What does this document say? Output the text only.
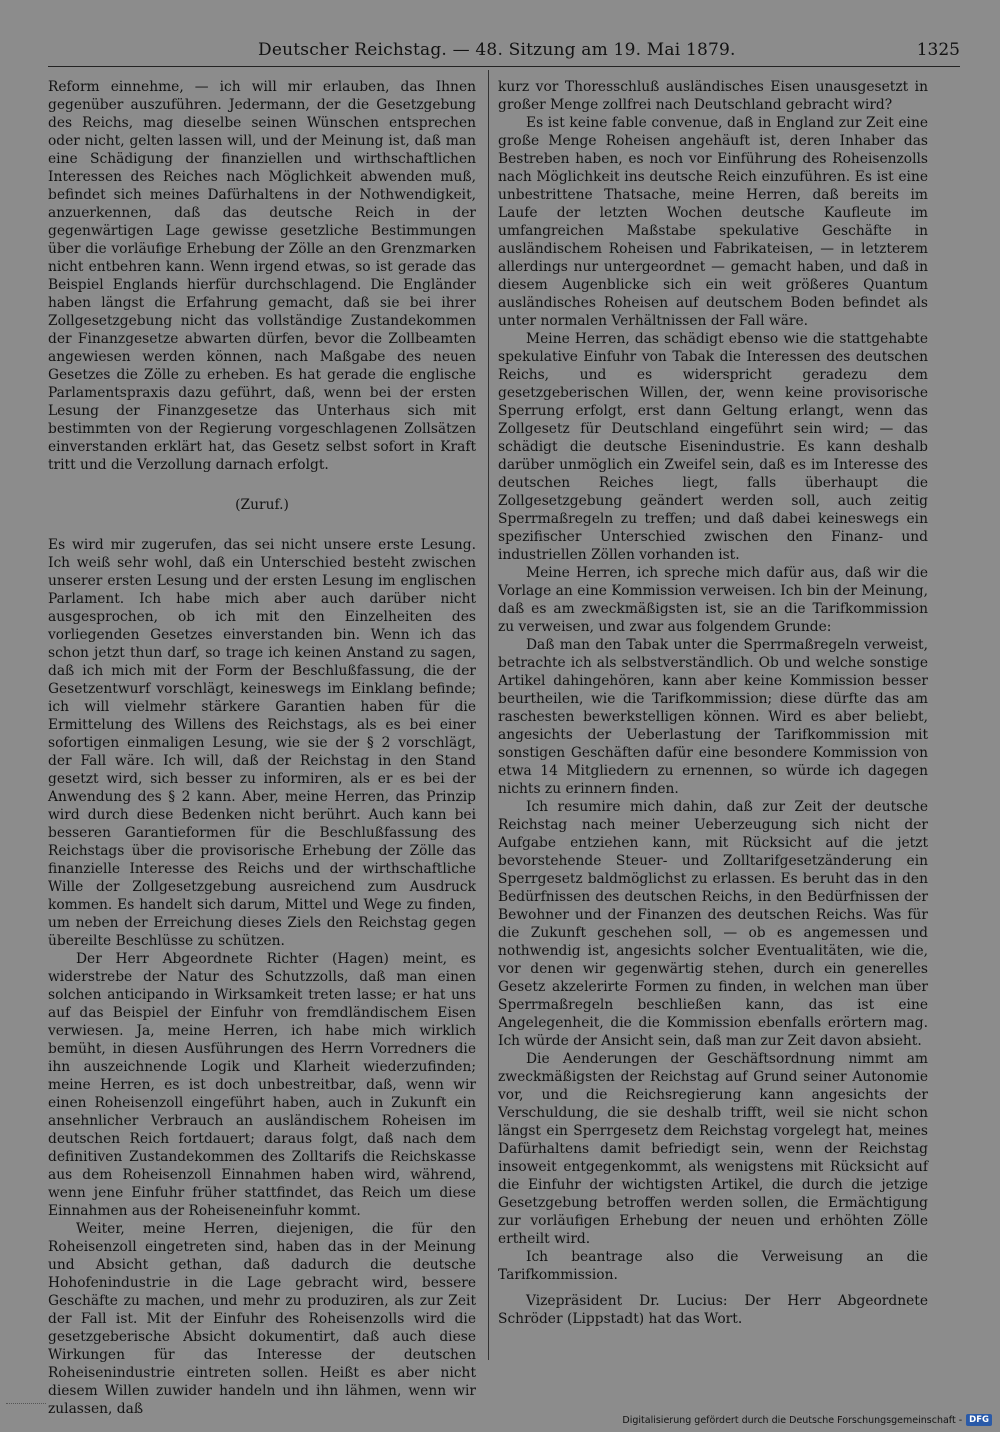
Deutscher Reichstag. — 48. Sitzung am 19. Mai 1879.	1325

Reform einnehme, — ich will mir erlauben, das Ihnen gegenüber auszuführen. Jedermann, der die Gesetzgebung des Reichs, mag dieselbe seinen Wünschen entsprechen oder nicht, gelten lassen will, und der Meinung ist, daß man eine Schädigung der finanziellen und wirthschaftlichen Interessen des Reiches nach Möglichkeit abwenden muß, befindet sich meines Dafürhaltens in der Nothwendigkeit, anzuerkennen, daß das deutsche Reich in der gegenwärtigen Lage gewisse gesetzliche Bestimmungen über die vorläufige Erhebung der Zölle an den Grenzmarken nicht entbehren kann. Wenn irgend etwas, so ist gerade das Beispiel Englands hierfür durchschlagend. Die Engländer haben längst die Erfahrung gemacht, daß sie bei ihrer Zollgesetzgebung nicht das vollständige Zustandekommen der Finanzgesetze abwarten dürfen, bevor die Zollbeamten angewiesen werden können, nach Maßgabe des neuen Gesetzes die Zölle zu erheben. Es hat gerade die englische Parlamentspraxis dazu geführt, daß, wenn bei der ersten Lesung der Finanzgesetze das Unterhaus sich mit bestimmten von der Regierung vorgeschlagenen Zollsätzen einverstanden erklärt hat, das Gesetz selbst sofort in Kraft tritt und die Verzollung darnach erfolgt.

(Zuruf.)

Es wird mir zugerufen, das sei nicht unsere erste Lesung. Ich weiß sehr wohl, daß ein Unterschied besteht zwischen unserer ersten Lesung und der ersten Lesung im englischen Parlament. Ich habe mich aber auch darüber nicht ausgesprochen, ob ich mit den Einzelheiten des vorliegenden Gesetzes einverstanden bin. Wenn ich das schon jetzt thun darf, so trage ich keinen Anstand zu sagen, daß ich mich mit der Form der Beschlußfassung, die der Gesetzentwurf vorschlägt, keineswegs im Einklang befinde; ich will vielmehr stärkere Garantien haben für die Ermittelung des Willens des Reichstags, als es bei einer sofortigen einmaligen Lesung, wie sie der § 2 vorschlägt, der Fall wäre. Ich will, daß der Reichstag in den Stand gesetzt wird, sich besser zu informiren, als er es bei der Anwendung des § 2 kann. Aber, meine Herren, das Prinzip wird durch diese Bedenken nicht berührt. Auch kann bei besseren Garantieformen für die Beschlußfassung des Reichstags über die provisorische Erhebung der Zölle das finanzielle Interesse des Reichs und der wirthschaftliche Wille der Zollgesetzgebung ausreichend zum Ausdruck kommen. Es handelt sich darum, Mittel und Wege zu finden, um neben der Erreichung dieses Ziels den Reichstag gegen übereilte Beschlüsse zu schützen.

Der Herr Abgeordnete Richter (Hagen) meint, es widerstrebe der Natur des Schutzzolls, daß man einen solchen anticipando in Wirksamkeit treten lasse; er hat uns auf das Beispiel der Einfuhr von fremdländischem Eisen verwiesen. Ja, meine Herren, ich habe mich wirklich bemüht, in diesen Ausführungen des Herrn Vorredners die ihn auszeichnende Logik und Klarheit wiederzufinden; meine Herren, es ist doch unbestreitbar, daß, wenn wir einen Roheisenzoll eingeführt haben, auch in Zukunft ein ansehnlicher Verbrauch an ausländischem Roheisen im deutschen Reich fortdauert; daraus folgt, daß nach dem definitiven Zustandekommen des Zolltarifs die Reichskasse aus dem Roheisenzoll Einnahmen haben wird, während, wenn jene Einfuhr früher stattfindet, das Reich um diese Einnahmen aus der Roheiseneinfuhr kommt.

Weiter, meine Herren, diejenigen, die für den Roheisenzoll eingetreten sind, haben das in der Meinung und Absicht gethan, daß dadurch die deutsche Hohofenindustrie in die Lage gebracht wird, bessere Geschäfte zu machen, und mehr zu produziren, als zur Zeit der Fall ist. Mit der Einfuhr des Roheisenzolls wird die gesetzgeberische Absicht dokumentirt, daß auch diese Wirkungen für das Interesse der deutschen Roheisenindustrie eintreten sollen. Heißt es aber nicht diesem Willen zuwider handeln und ihn lähmen, wenn wir zulassen, daß

kurz vor Thoresschluß ausländisches Eisen unausgesetzt in großer Menge zollfrei nach Deutschland gebracht wird?

Es ist keine fable convenue, daß in England zur Zeit eine große Menge Roheisen angehäuft ist, deren Inhaber das Bestreben haben, es noch vor Einführung des Roheisenzolls nach Möglichkeit ins deutsche Reich einzuführen. Es ist eine unbestrittene Thatsache, meine Herren, daß bereits im Laufe der letzten Wochen deutsche Kaufleute im umfangreichen Maßstabe spekulative Geschäfte in ausländischem Roheisen und Fabrikateisen, — in letzterem allerdings nur untergeordnet — gemacht haben, und daß in diesem Augenblicke sich ein weit größeres Quantum ausländisches Roheisen auf deutschem Boden befindet als unter normalen Verhältnissen der Fall wäre.

Meine Herren, das schädigt ebenso wie die stattgehabte spekulative Einfuhr von Tabak die Interessen des deutschen Reichs, und es widerspricht geradezu dem gesetzgeberischen Willen, der, wenn keine provisorische Sperrung erfolgt, erst dann Geltung erlangt, wenn das Zollgesetz für Deutschland eingeführt sein wird; — das schädigt die deutsche Eisenindustrie. Es kann deshalb darüber unmöglich ein Zweifel sein, daß es im Interesse des deutschen Reiches liegt, falls überhaupt die Zollgesetzgebung geändert werden soll, auch zeitig Sperrmaßregeln zu treffen; und daß dabei keineswegs ein spezifischer Unterschied zwischen den Finanz- und industriellen Zöllen vorhanden ist.

Meine Herren, ich spreche mich dafür aus, daß wir die Vorlage an eine Kommission verweisen. Ich bin der Meinung, daß es am zweckmäßigsten ist, sie an die Tarifkommission zu verweisen, und zwar aus folgendem Grunde:

Daß man den Tabak unter die Sperrmaßregeln verweist, betrachte ich als selbstverständlich. Ob und welche sonstige Artikel dahingehören, kann aber keine Kommission besser beurtheilen, wie die Tarifkommission; diese dürfte das am raschesten bewerkstelligen können. Wird es aber beliebt, angesichts der Ueberlastung der Tarifkommission mit sonstigen Geschäften dafür eine besondere Kommission von etwa 14 Mitgliedern zu ernennen, so würde ich dagegen nichts zu erinnern finden.

Ich resumire mich dahin, daß zur Zeit der deutsche Reichstag nach meiner Ueberzeugung sich nicht der Aufgabe entziehen kann, mit Rücksicht auf die jetzt bevorstehende Steuer- und Zolltarifgesetzänderung ein Sperrgesetz baldmöglichst zu erlassen. Es beruht das in den Bedürfnissen des deutschen Reichs, in den Bedürfnissen der Bewohner und der Finanzen des deutschen Reichs. Was für die Zukunft geschehen soll, — ob es angemessen und nothwendig ist, angesichts solcher Eventualitäten, wie die, vor denen wir gegenwärtig stehen, durch ein generelles Gesetz akzelerirte Formen zu finden, in welchen man über Sperrmaßregeln beschließen kann, das ist eine Angelegenheit, die die Kommission ebenfalls erörtern mag. Ich würde der Ansicht sein, daß man zur Zeit davon absieht.

Die Aenderungen der Geschäftsordnung nimmt am zweckmäßigsten der Reichstag auf Grund seiner Autonomie vor, und die Reichsregierung kann angesichts der Verschuldung, die sie deshalb trifft, weil sie nicht schon längst ein Sperrgesetz dem Reichstag vorgelegt hat, meines Dafürhaltens damit befriedigt sein, wenn der Reichstag insoweit entgegenkommt, als wenigstens mit Rücksicht auf die Einfuhr der wichtigsten Artikel, die durch die jetzige Gesetzgebung betroffen werden sollen, die Ermächtigung zur vorläufigen Erhebung der neuen und erhöhten Zölle ertheilt wird.

Ich beantrage also die Verweisung an die Tarifkommission.

Vizepräsident Dr. Lucius: Der Herr Abgeordnete Schröder (Lippstadt) hat das Wort.

Digitalisierung gefördert durch die Deutsche Forschungsgemeinschaft - DFG
